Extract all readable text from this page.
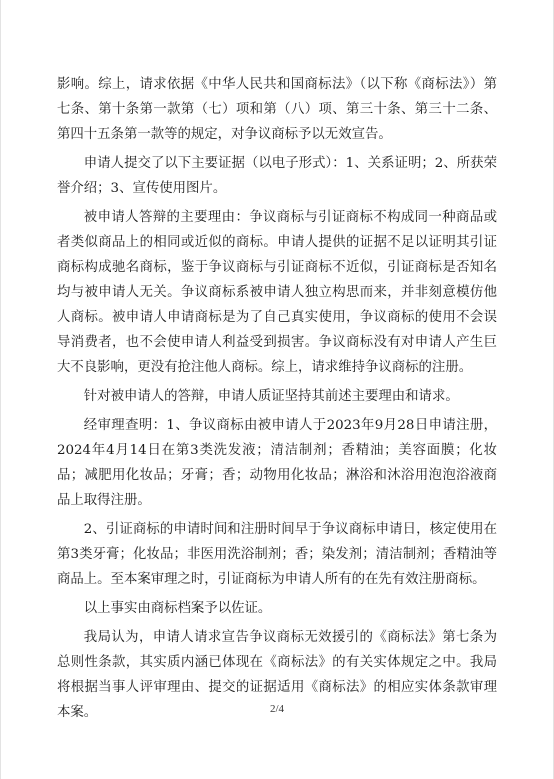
影响。综上，请求依据《中华人民共和国商标法》（以下称《商标法》）第七条、第十条第一款第（七）项和第（八）项、第三十条、第三十二条、第四十五条第一款等的规定，对争议商标予以无效宣告。

申请人提交了以下主要证据（以电子形式）：1、关系证明；2、所获荣誉介绍；3、宣传使用图片。

被申请人答辩的主要理由：争议商标与引证商标不构成同一种商品或者类似商品上的相同或近似的商标。申请人提供的证据不足以证明其引证商标构成驰名商标，鉴于争议商标与引证商标不近似，引证商标是否知名均与被申请人无关。争议商标系被申请人独立构思而来，并非刻意模仿他人商标。被申请人申请商标是为了自己真实使用，争议商标的使用不会误导消费者，也不会使申请人利益受到损害。争议商标没有对申请人产生巨大不良影响，更没有抢注他人商标。综上，请求维持争议商标的注册。

针对被申请人的答辩，申请人质证坚持其前述主要理由和请求。

经审理查明：1、争议商标由被申请人于2023年9月28日申请注册，2024年4月14日在第3类洗发液；清洁制剂；香精油；美容面膜；化妆品；减肥用化妆品；牙膏；香；动物用化妆品；淋浴和沐浴用泡泡浴液商品上取得注册。

2、引证商标的申请时间和注册时间早于争议商标申请日，核定使用在第3类牙膏；化妆品；非医用洗浴制剂；香；染发剂；清洁制剂；香精油等商品上。至本案审理之时，引证商标为申请人所有的在先有效注册商标。

以上事实由商标档案予以佐证。

我局认为，申请人请求宣告争议商标无效援引的《商标法》第七条为总则性条款，其实质内涵已体现在《商标法》的有关实体规定之中。我局将根据当事人评审理由、提交的证据适用《商标法》的相应实体条款审理本案。	2/4
